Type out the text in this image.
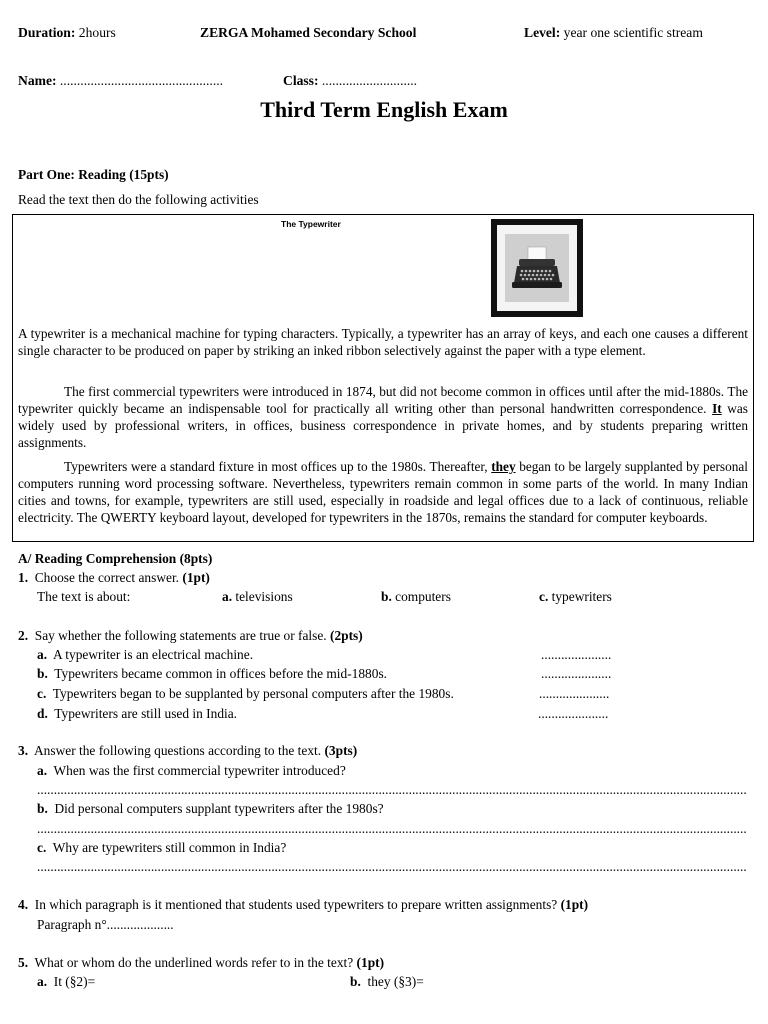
Duration: 2hours	ZERGA Mohamed Secondary School	Level: year one scientific stream
Name: ................................................	Class: ............................
Third Term English Exam
Part One: Reading (15pts)
Read the text then do the following activities
The Typewriter
A typewriter is a mechanical machine for typing characters. Typically, a typewriter has an array of keys, and each one causes a different single character to be produced on paper by striking an inked ribbon selectively against the paper with a type element.
The first commercial typewriters were introduced in 1874, but did not become common in offices until after the mid-1880s. The typewriter quickly became an indispensable tool for practically all writing other than personal handwritten correspondence. It was widely used by professional writers, in offices, business correspondence in private homes, and by students preparing written assignments.
Typewriters were a standard fixture in most offices up to the 1980s. Thereafter, they began to be largely supplanted by personal computers running word processing software. Nevertheless, typewriters remain common in some parts of the world. In many Indian cities and towns, for example, typewriters are still used, especially in roadside and legal offices due to a lack of continuous, reliable electricity. The QWERTY keyboard layout, developed for typewriters in the 1870s, remains the standard for computer keyboards.
A/ Reading Comprehension (8pts)
1. Choose the correct answer. (1pt)
The text is about:	a. televisions	b. computers	c. typewriters
2. Say whether the following statements are true or false. (2pts)
a. A typewriter is an electrical machine.	.....................
b. Typewriters became common in offices before the mid-1880s.	.....................
c. Typewriters began to be supplanted by personal computers after the 1980s.	.....................
d. Typewriters are still used in India.	.....................
3. Answer the following questions according to the text. (3pts)
a. When was the first commercial typewriter introduced?
....................................................................................................................................................................................................................
b. Did personal computers supplant typewriters after the 1980s?
....................................................................................................................................................................................................................
c. Why are typewriters still common in India?
....................................................................................................................................................................................................................
4. In which paragraph is it mentioned that students used typewriters to prepare written assignments? (1pt)
Paragraph n°....................
5. What or whom do the underlined words refer to in the text? (1pt)
a.  It (§2)=	b.  they (§3)=
